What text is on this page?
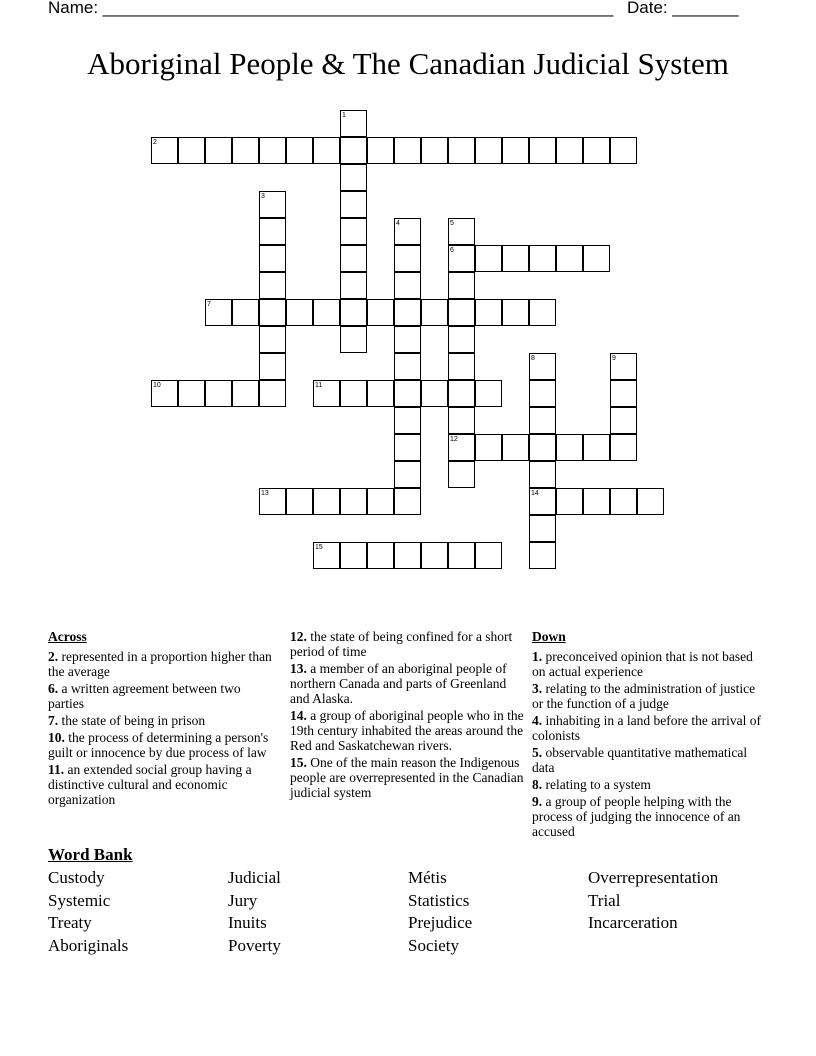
Name: ______________________________________________________ Date: _______
Aboriginal People & The Canadian Judicial System
1
2
3
4	5
6
7
8	9
10	11
12
13	14
15
Across
2. represented in a proportion higher than the average
6. a written agreement between two parties
7. the state of being in prison
10. the process of determining a person's guilt or innocence by due process of law
11. an extended social group having a distinctive cultural and economic organization
12. the state of being confined for a short period of time
13. a member of an aboriginal people of northern Canada and parts of Greenland and Alaska.
14. a group of aboriginal people who in the 19th century inhabited the areas around the Red and Saskatchewan rivers.
15. One of the main reason the Indigenous people are overrepresented in the Canadian judicial system
Down
1. preconceived opinion that is not based on actual experience
3. relating to the administration of justice or the function of a judge
4. inhabiting in a land before the arrival of colonists
5. observable quantitative mathematical data
8. relating to a system
9. a group of people helping with the process of judging the innocence of an accused
Word Bank
Custody
Systemic
Treaty
Aboriginals
Judicial
Jury
Inuits
Poverty
Métis
Statistics
Prejudice
Society
Overrepresentation
Trial
Incarceration
